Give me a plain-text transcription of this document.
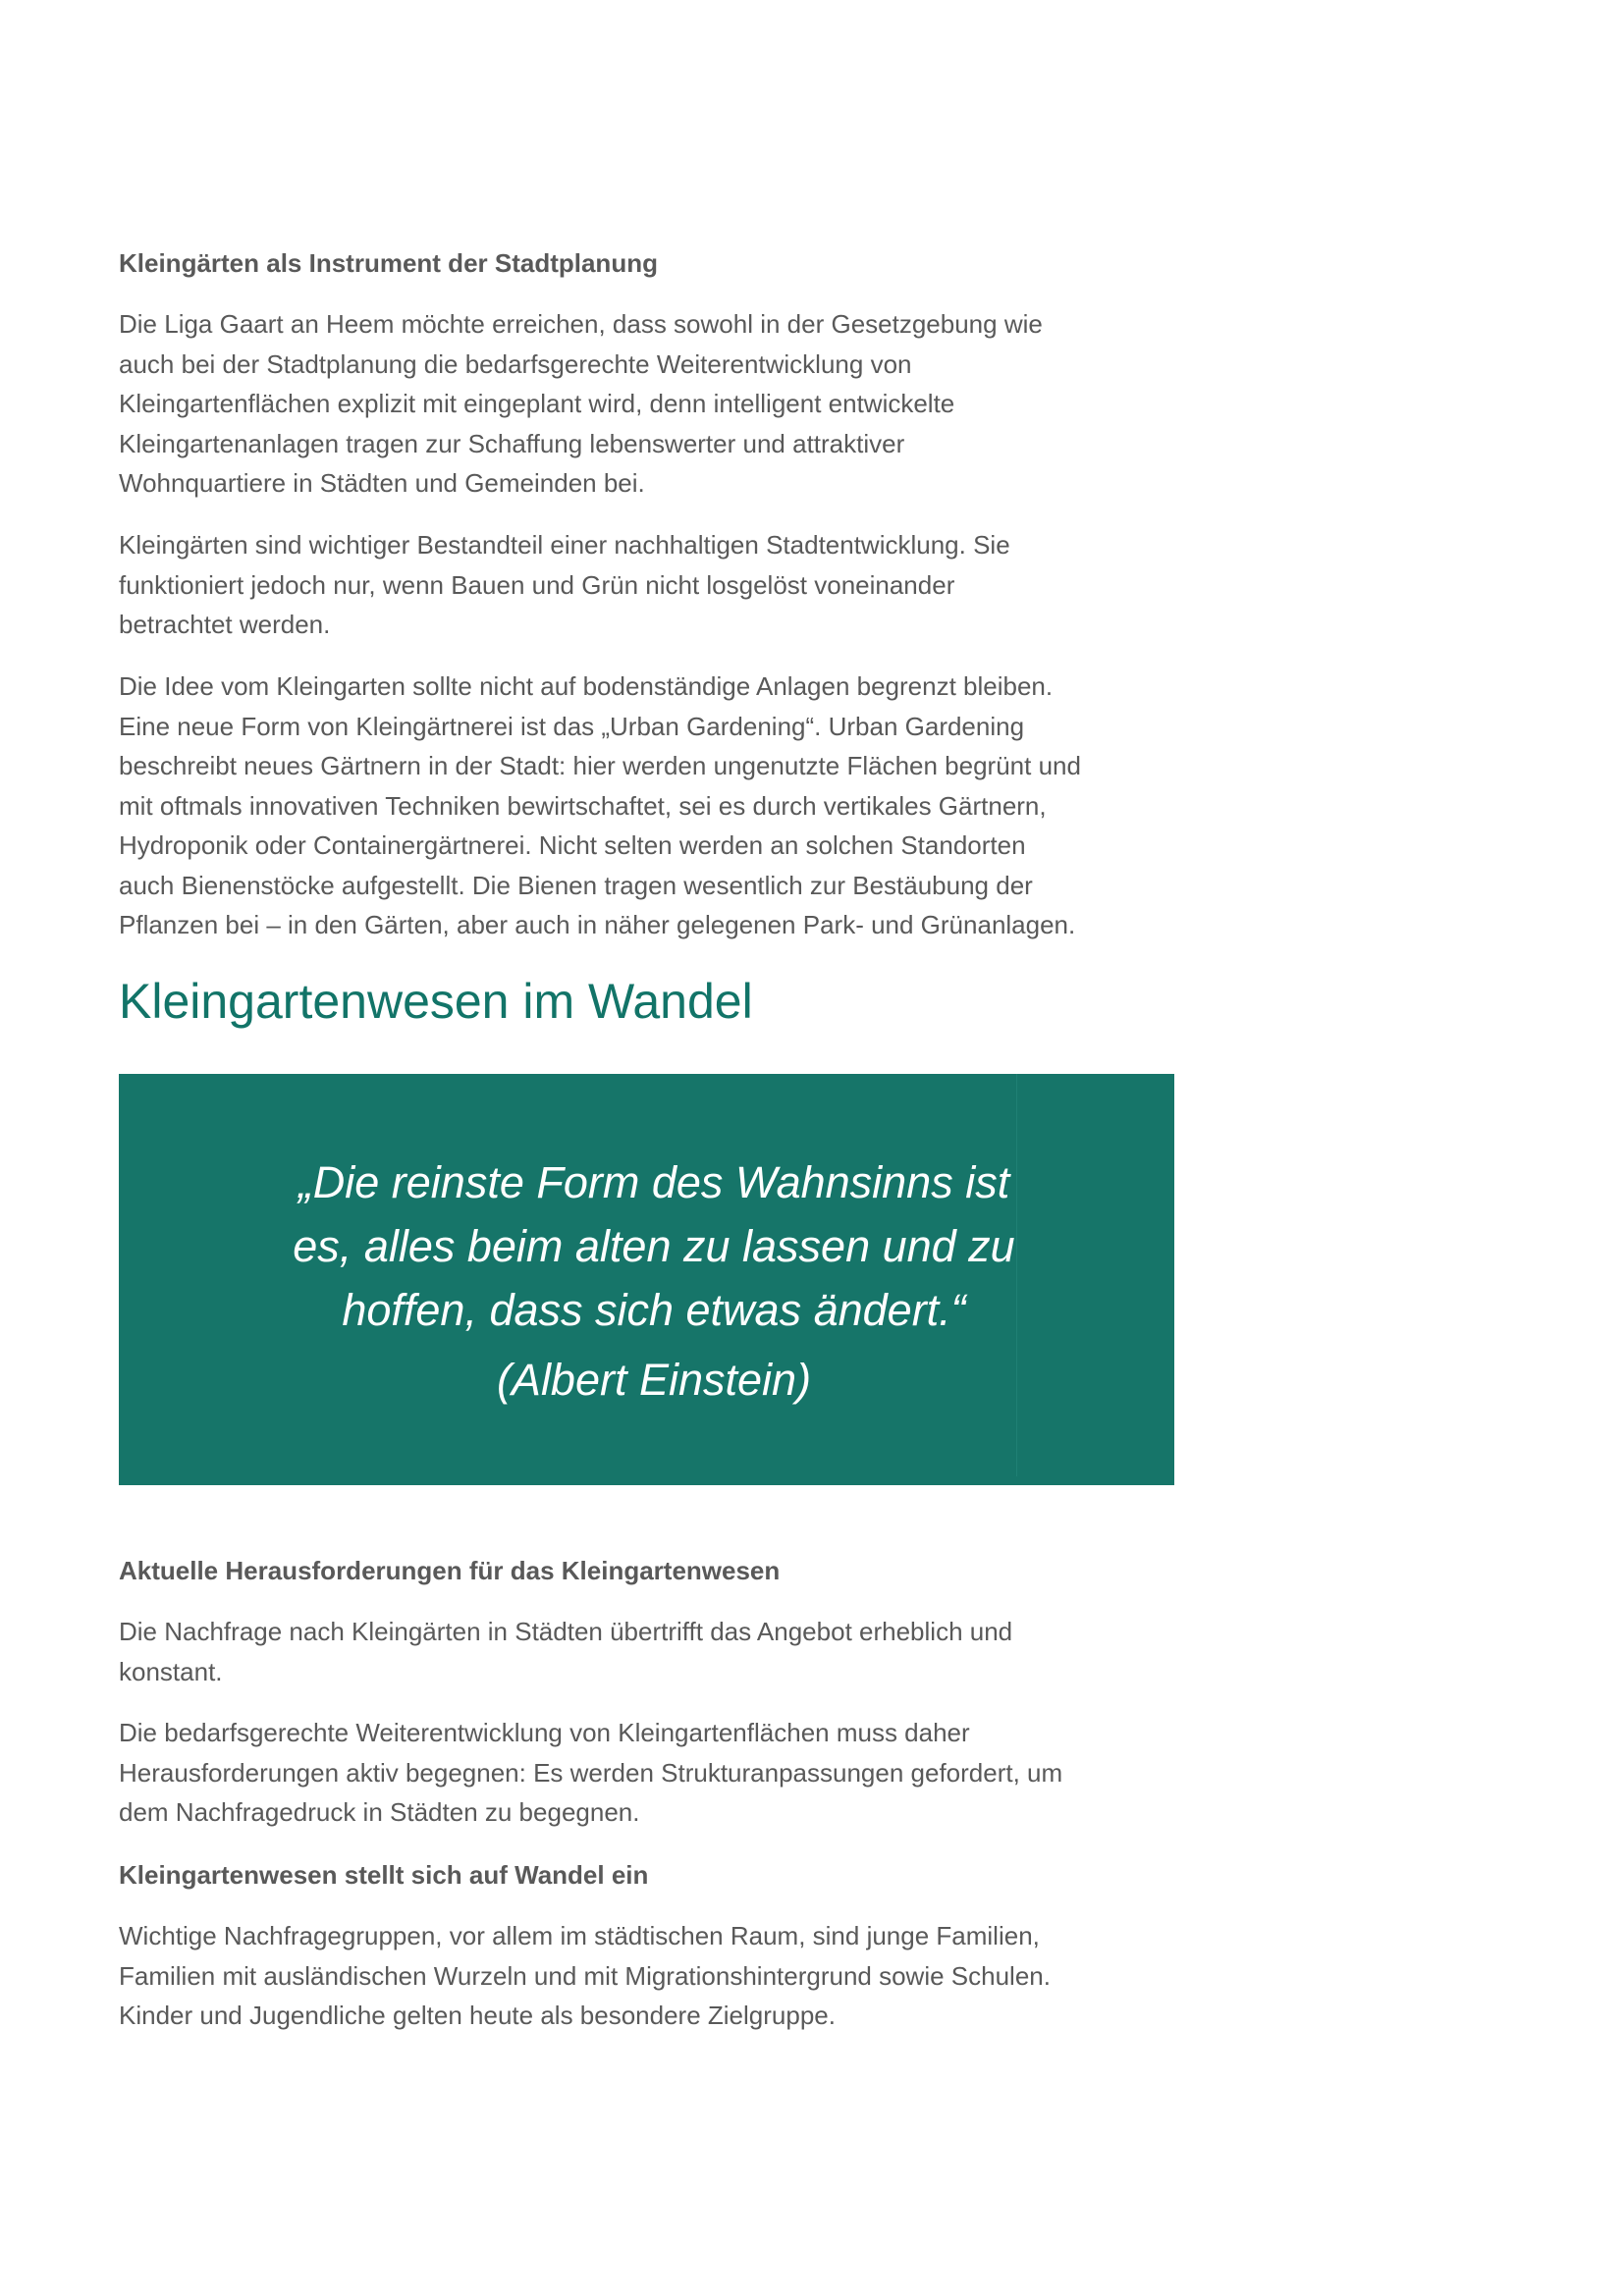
Kleingärten als Instrument der Stadtplanung

Die Liga Gaart an Heem möchte erreichen, dass sowohl in der Gesetzgebung wie
auch bei der Stadtplanung die bedarfsgerechte Weiterentwicklung von
Kleingartenflächen explizit mit eingeplant wird, denn intelligent entwickelte
Kleingartenanlagen tragen zur Schaffung lebenswerter und attraktiver
Wohnquartiere in Städten und Gemeinden bei.

Kleingärten sind wichtiger Bestandteil einer nachhaltigen Stadtentwicklung. Sie
funktioniert jedoch nur, wenn Bauen und Grün nicht losgelöst voneinander
betrachtet werden.

Die Idee vom Kleingarten sollte nicht auf bodenständige Anlagen begrenzt bleiben.
Eine neue Form von Kleingärtnerei ist das „Urban Gardening“. Urban Gardening
beschreibt neues Gärtnern in der Stadt: hier werden ungenutzte Flächen begrünt und
mit oftmals innovativen Techniken bewirtschaftet, sei es durch vertikales Gärtnern,
Hydroponik oder Containergärtnerei. Nicht selten werden an solchen Standorten
auch Bienenstöcke aufgestellt. Die Bienen tragen wesentlich zur Bestäubung der
Pflanzen bei – in den Gärten, aber auch in näher gelegenen Park- und Grünanlagen.

Kleingartenwesen im Wandel

„Die reinste Form des Wahnsinns ist
es, alles beim alten zu lassen und zu
hoffen, dass sich etwas ändert.“

(Albert Einstein)

Aktuelle Herausforderungen für das Kleingartenwesen

Die Nachfrage nach Kleingärten in Städten übertrifft das Angebot erheblich und
konstant.

Die bedarfsgerechte Weiterentwicklung von Kleingartenflächen muss daher
Herausforderungen aktiv begegnen: Es werden Strukturanpassungen gefordert, um
dem Nachfragedruck in Städten zu begegnen.

Kleingartenwesen stellt sich auf Wandel ein

Wichtige Nachfragegruppen, vor allem im städtischen Raum, sind junge Familien,
Familien mit ausländischen Wurzeln und mit Migrationshintergrund sowie Schulen.
Kinder und Jugendliche gelten heute als besondere Zielgruppe.
